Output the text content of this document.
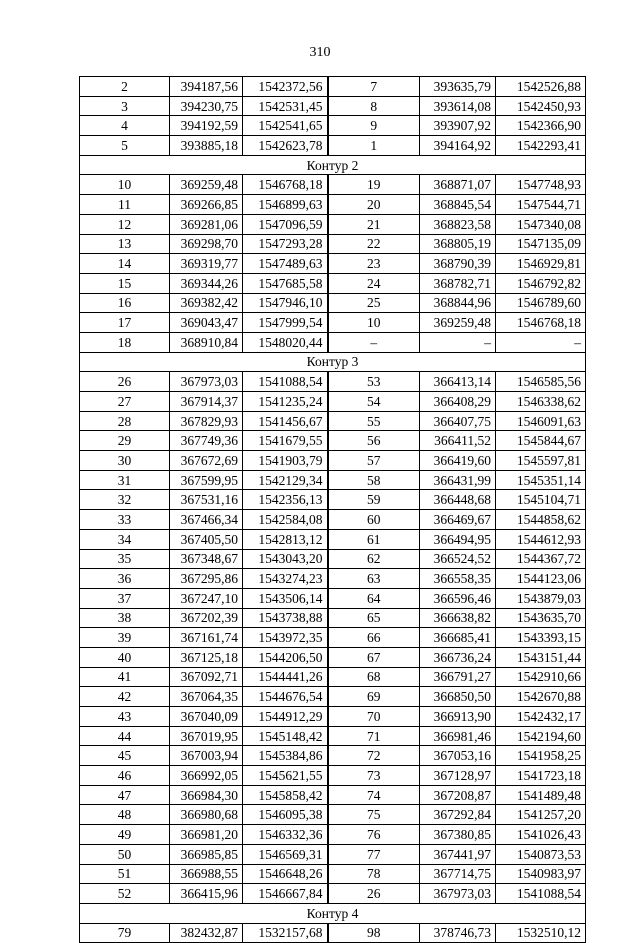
310
2	394187,56	1542372,56	7	393635,79	1542526,88
3	394230,75	1542531,45	8	393614,08	1542450,93
4	394192,59	1542541,65	9	393907,92	1542366,90
5	393885,18	1542623,78	1	394164,92	1542293,41
Контур 2					
10	369259,48	1546768,18	19	368871,07	1547748,93
11	369266,85	1546899,63	20	368845,54	1547544,71
12	369281,06	1547096,59	21	368823,58	1547340,08
13	369298,70	1547293,28	22	368805,19	1547135,09
14	369319,77	1547489,63	23	368790,39	1546929,81
15	369344,26	1547685,58	24	368782,71	1546792,82
16	369382,42	1547946,10	25	368844,96	1546789,60
17	369043,47	1547999,54	10	369259,48	1546768,18
18	368910,84	1548020,44	–	–	–
Контур 3					
26	367973,03	1541088,54	53	366413,14	1546585,56
27	367914,37	1541235,24	54	366408,29	1546338,62
28	367829,93	1541456,67	55	366407,75	1546091,63
29	367749,36	1541679,55	56	366411,52	1545844,67
30	367672,69	1541903,79	57	366419,60	1545597,81
31	367599,95	1542129,34	58	366431,99	1545351,14
32	367531,16	1542356,13	59	366448,68	1545104,71
33	367466,34	1542584,08	60	366469,67	1544858,62
34	367405,50	1542813,12	61	366494,95	1544612,93
35	367348,67	1543043,20	62	366524,52	1544367,72
36	367295,86	1543274,23	63	366558,35	1544123,06
37	367247,10	1543506,14	64	366596,46	1543879,03
38	367202,39	1543738,88	65	366638,82	1543635,70
39	367161,74	1543972,35	66	366685,41	1543393,15
40	367125,18	1544206,50	67	366736,24	1543151,44
41	367092,71	1544441,26	68	366791,27	1542910,66
42	367064,35	1544676,54	69	366850,50	1542670,88
43	367040,09	1544912,29	70	366913,90	1542432,17
44	367019,95	1545148,42	71	366981,46	1542194,60
45	367003,94	1545384,86	72	367053,16	1541958,25
46	366992,05	1545621,55	73	367128,97	1541723,18
47	366984,30	1545858,42	74	367208,87	1541489,48
48	366980,68	1546095,38	75	367292,84	1541257,20
49	366981,20	1546332,36	76	367380,85	1541026,43
50	366985,85	1546569,31	77	367441,97	1540873,53
51	366988,55	1546648,26	78	367714,75	1540983,97
52	366415,96	1546667,84	26	367973,03	1541088,54
Контур 4					
79	382432,87	1532157,68	98	378746,73	1532510,12
